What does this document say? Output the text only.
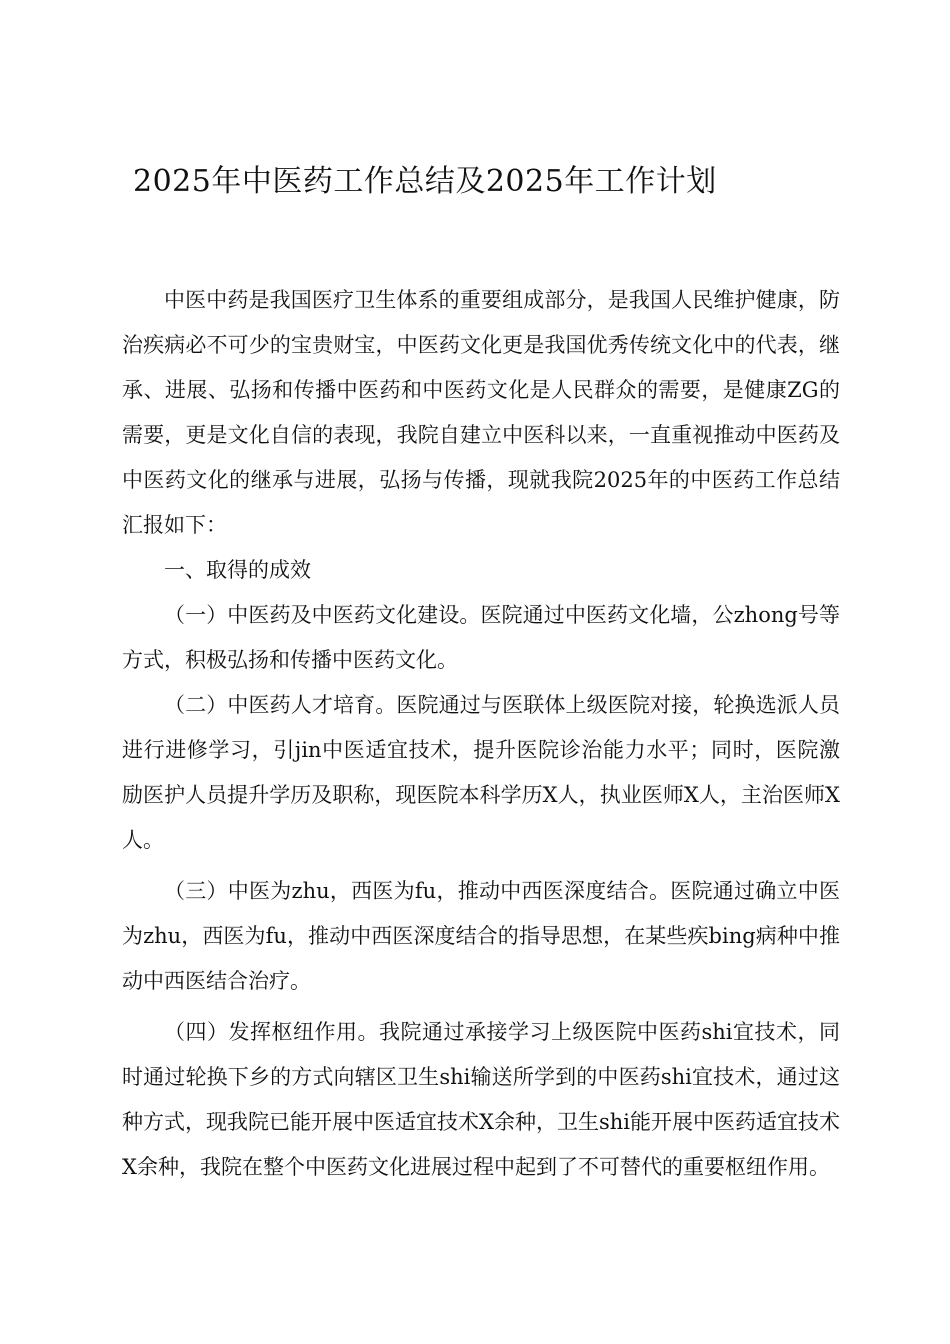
2025年中医药工作总结及2025年工作计划

中医中药是我国医疗卫生体系的重要组成部分，是我国人民维护健康，防治疾病必不可少的宝贵财宝，中医药文化更是我国优秀传统文化中的代表，继承、进展、弘扬和传播中医药和中医药文化是人民群众的需要，是健康ZG的需要，更是文化自信的表现，我院自建立中医科以来，一直重视推动中医药及中医药文化的继承与进展，弘扬与传播，现就我院2025年的中医药工作总结汇报如下：

一、取得的成效

（一）中医药及中医药文化建设。医院通过中医药文化墙，公zhong号等方式，积极弘扬和传播中医药文化。

（二）中医药人才培育。医院通过与医联体上级医院对接，轮换选派人员进行进修学习，引jin中医适宜技术，提升医院诊治能力水平；同时，医院激励医护人员提升学历及职称，现医院本科学历X人，执业医师X人，主治医师X人。

（三）中医为zhu，西医为fu，推动中西医深度结合。医院通过确立中医为zhu，西医为fu，推动中西医深度结合的指导思想，在某些疾bing病种中推动中西医结合治疗。

（四）发挥枢纽作用。我院通过承接学习上级医院中医药shi宜技术，同时通过轮换下乡的方式向辖区卫生shi输送所学到的中医药shi宜技术，通过这种方式，现我院已能开展中医适宜技术X余种，卫生shi能开展中医药适宜技术X余种，我院在整个中医药文化进展过程中起到了不可替代的重要枢纽作用。
